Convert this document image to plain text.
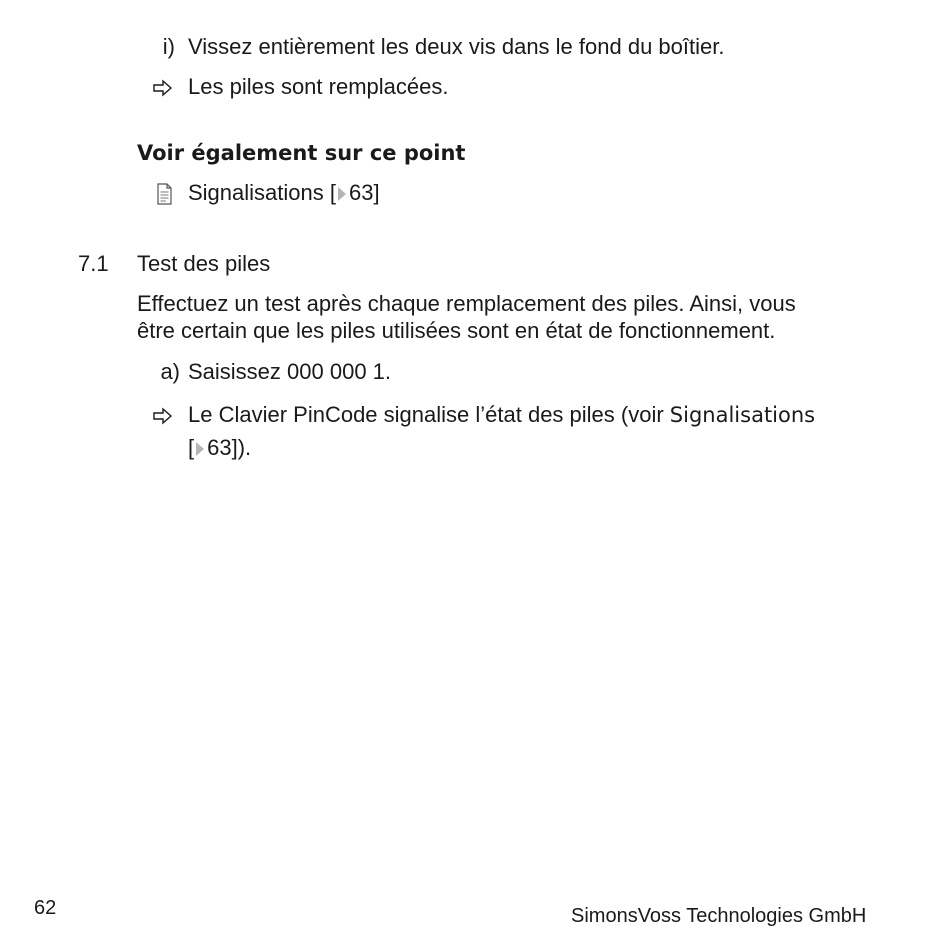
i) Vissez entièrement les deux vis dans le fond du boîtier.
Les piles sont remplacées.
Voir également sur ce point
Signalisations [ 63]
7.1 Test des piles
Effectuez un test après chaque remplacement des piles. Ainsi, vous
être certain que les piles utilisées sont en état de fonctionnement.
a) Saisissez 000 000 1.
Le Clavier PinCode signalise l’état des piles (voir Signalisations
[ 63]).
62	SimonsVoss Technologies GmbH
